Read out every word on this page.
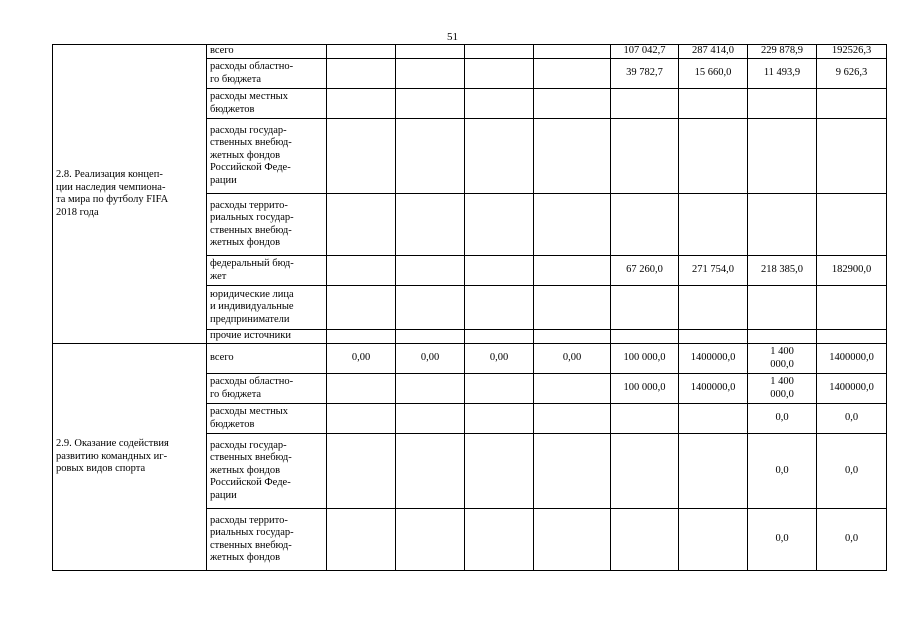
51
2.8. Реализация концеп-
ции наследия чемпиона-
та мира по футболу FIFA
2018 года	всего					107 042,7	287 414,0	229 878,9	192526,3
	расходы областно-
го бюджета					39 782,7	15 660,0	11 493,9	9 626,3
	расходы местных
бюджетов								
	расходы государ-
ственных внебюд-
жетных фондов
Российской Феде-
рации								
	расходы террито-
риальных государ-
ственных внебюд-
жетных фондов								
	федеральный бюд-
жет					67 260,0	271 754,0	218 385,0	182900,0
	юридические лица
и индивидуальные
предприниматели								
	прочие источники								

2.9. Оказание содействия
развитию командных иг-
ровых видов спорта	всего	0,00	0,00	0,00	0,00	100 000,0	1400000,0	1 400
000,0	1400000,0
	расходы областно-
го бюджета					100 000,0	1400000,0	1 400
000,0	1400000,0
	расходы местных
бюджетов							0,0	0,0
	расходы государ-
ственных внебюд-
жетных фондов
Российской Феде-
рации							0,0	0,0
	расходы террито-
риальных государ-
ственных внебюд-
жетных фондов							0,0	0,0
